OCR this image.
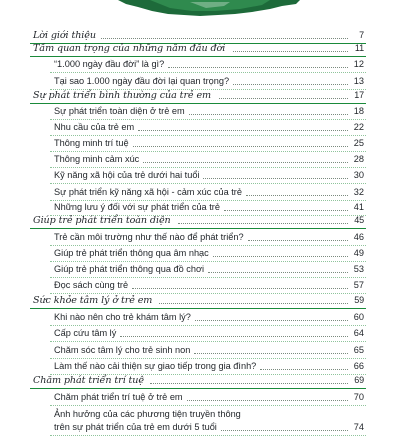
Lời giới thiệu	7
Tầm quan trọng của những năm đầu đời	11
“1.000 ngày đầu đời” là gì?	12
Tại sao 1.000 ngày đầu đời lại quan trọng?	13
Sự phát triển bình thường của trẻ em	17
Sự phát triển toàn diện ở trẻ em	18
Nhu cầu của trẻ em	22
Thông minh trí tuệ	25
Thông minh cảm xúc	28
Kỹ năng xã hội của trẻ dưới hai tuổi	30
Sự phát triển kỹ năng xã hội - cảm xúc của trẻ	32
Những lưu ý đối với sự phát triển của trẻ	41
Giúp trẻ phát triển toàn diện	45
Trẻ cần môi trường như thế nào để phát triển?	46
Giúp trẻ phát triển thông qua âm nhạc	49
Giúp trẻ phát triển thông qua đồ chơi	53
Đọc sách cùng trẻ	57
Sức khỏe tâm lý ở trẻ em	59
Khi nào nên cho trẻ khám tâm lý?	60
Cấp cứu tâm lý	64
Chăm sóc tâm lý cho trẻ sinh non	65
Làm thế nào cải thiện sự giao tiếp trong gia đình?	66
Chăm phát triển trí tuệ	69
Chăm phát triển trí tuệ ở trẻ em	70
Ảnh hưởng của các phương tiện truyền thông
trên sự phát triển của trẻ em dưới 5 tuổi	74
